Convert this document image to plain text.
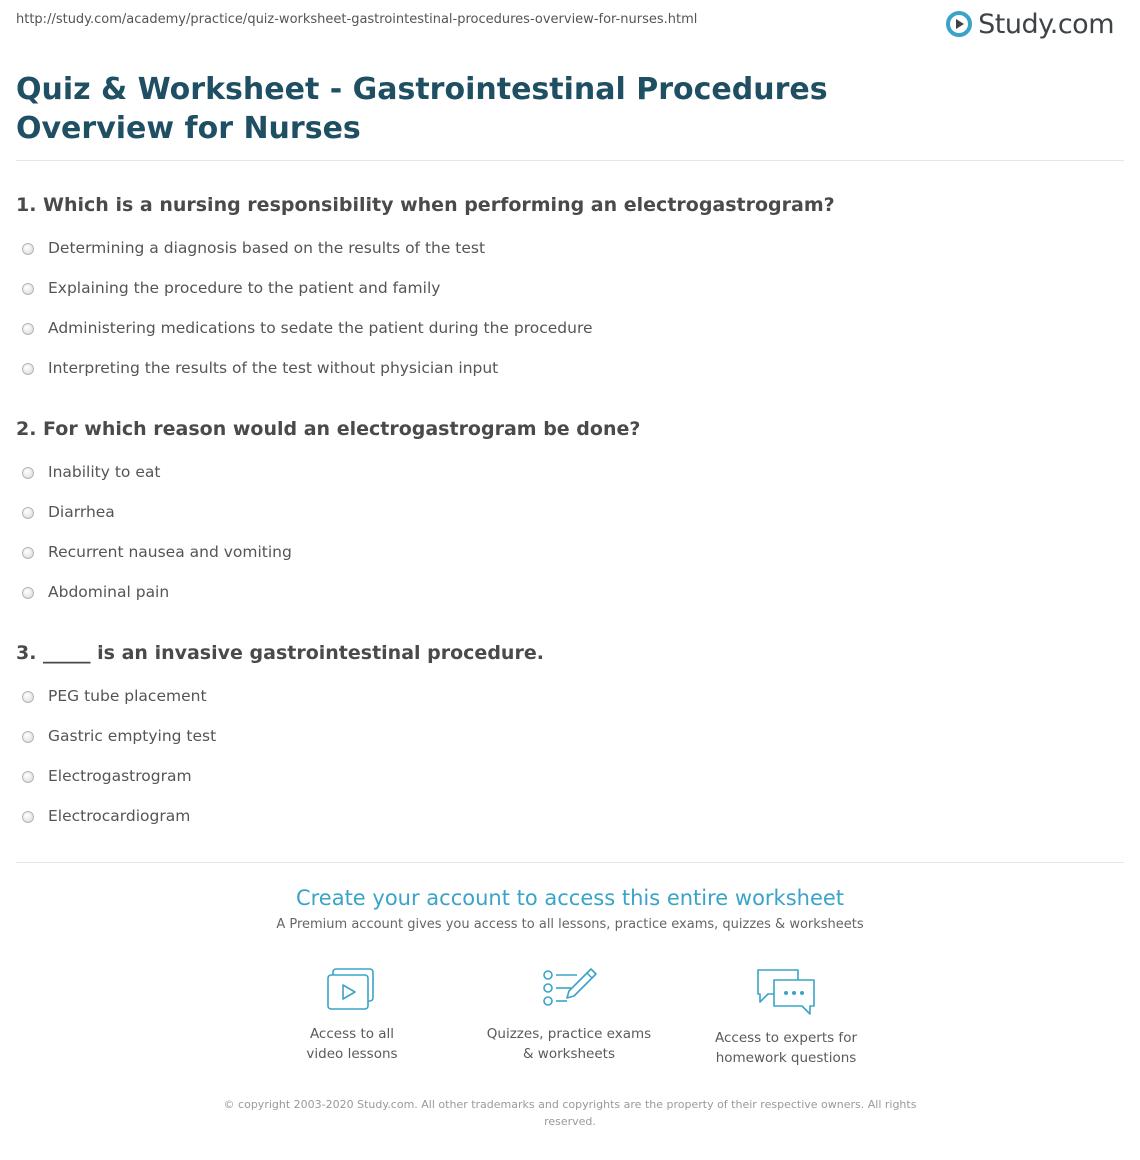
http://study.com/academy/practice/quiz-worksheet-gastrointestinal-procedures-overview-for-nurses.html	Study.com
Quiz & Worksheet - Gastrointestinal Procedures Overview for Nurses

1. Which is a nursing responsibility when performing an electrogastrogram?

Determining a diagnosis based on the results of the test
Explaining the procedure to the patient and family
Administering medications to sedate the patient during the procedure
Interpreting the results of the test without physician input

2. For which reason would an electrogastrogram be done?

Inability to eat
Diarrhea
Recurrent nausea and vomiting
Abdominal pain

3. _____ is an invasive gastrointestinal procedure.

PEG tube placement
Gastric emptying test
Electrogastrogram
Electrocardiogram
Create your account to access this entire worksheet
A Premium account gives you access to all lessons, practice exams, quizzes & worksheets
Access to all
video lessons
Quizzes, practice exams
& worksheets
Access to experts for
homework questions
© copyright 2003-2020 Study.com. All other trademarks and copyrights are the property of their respective owners. All rights reserved.
